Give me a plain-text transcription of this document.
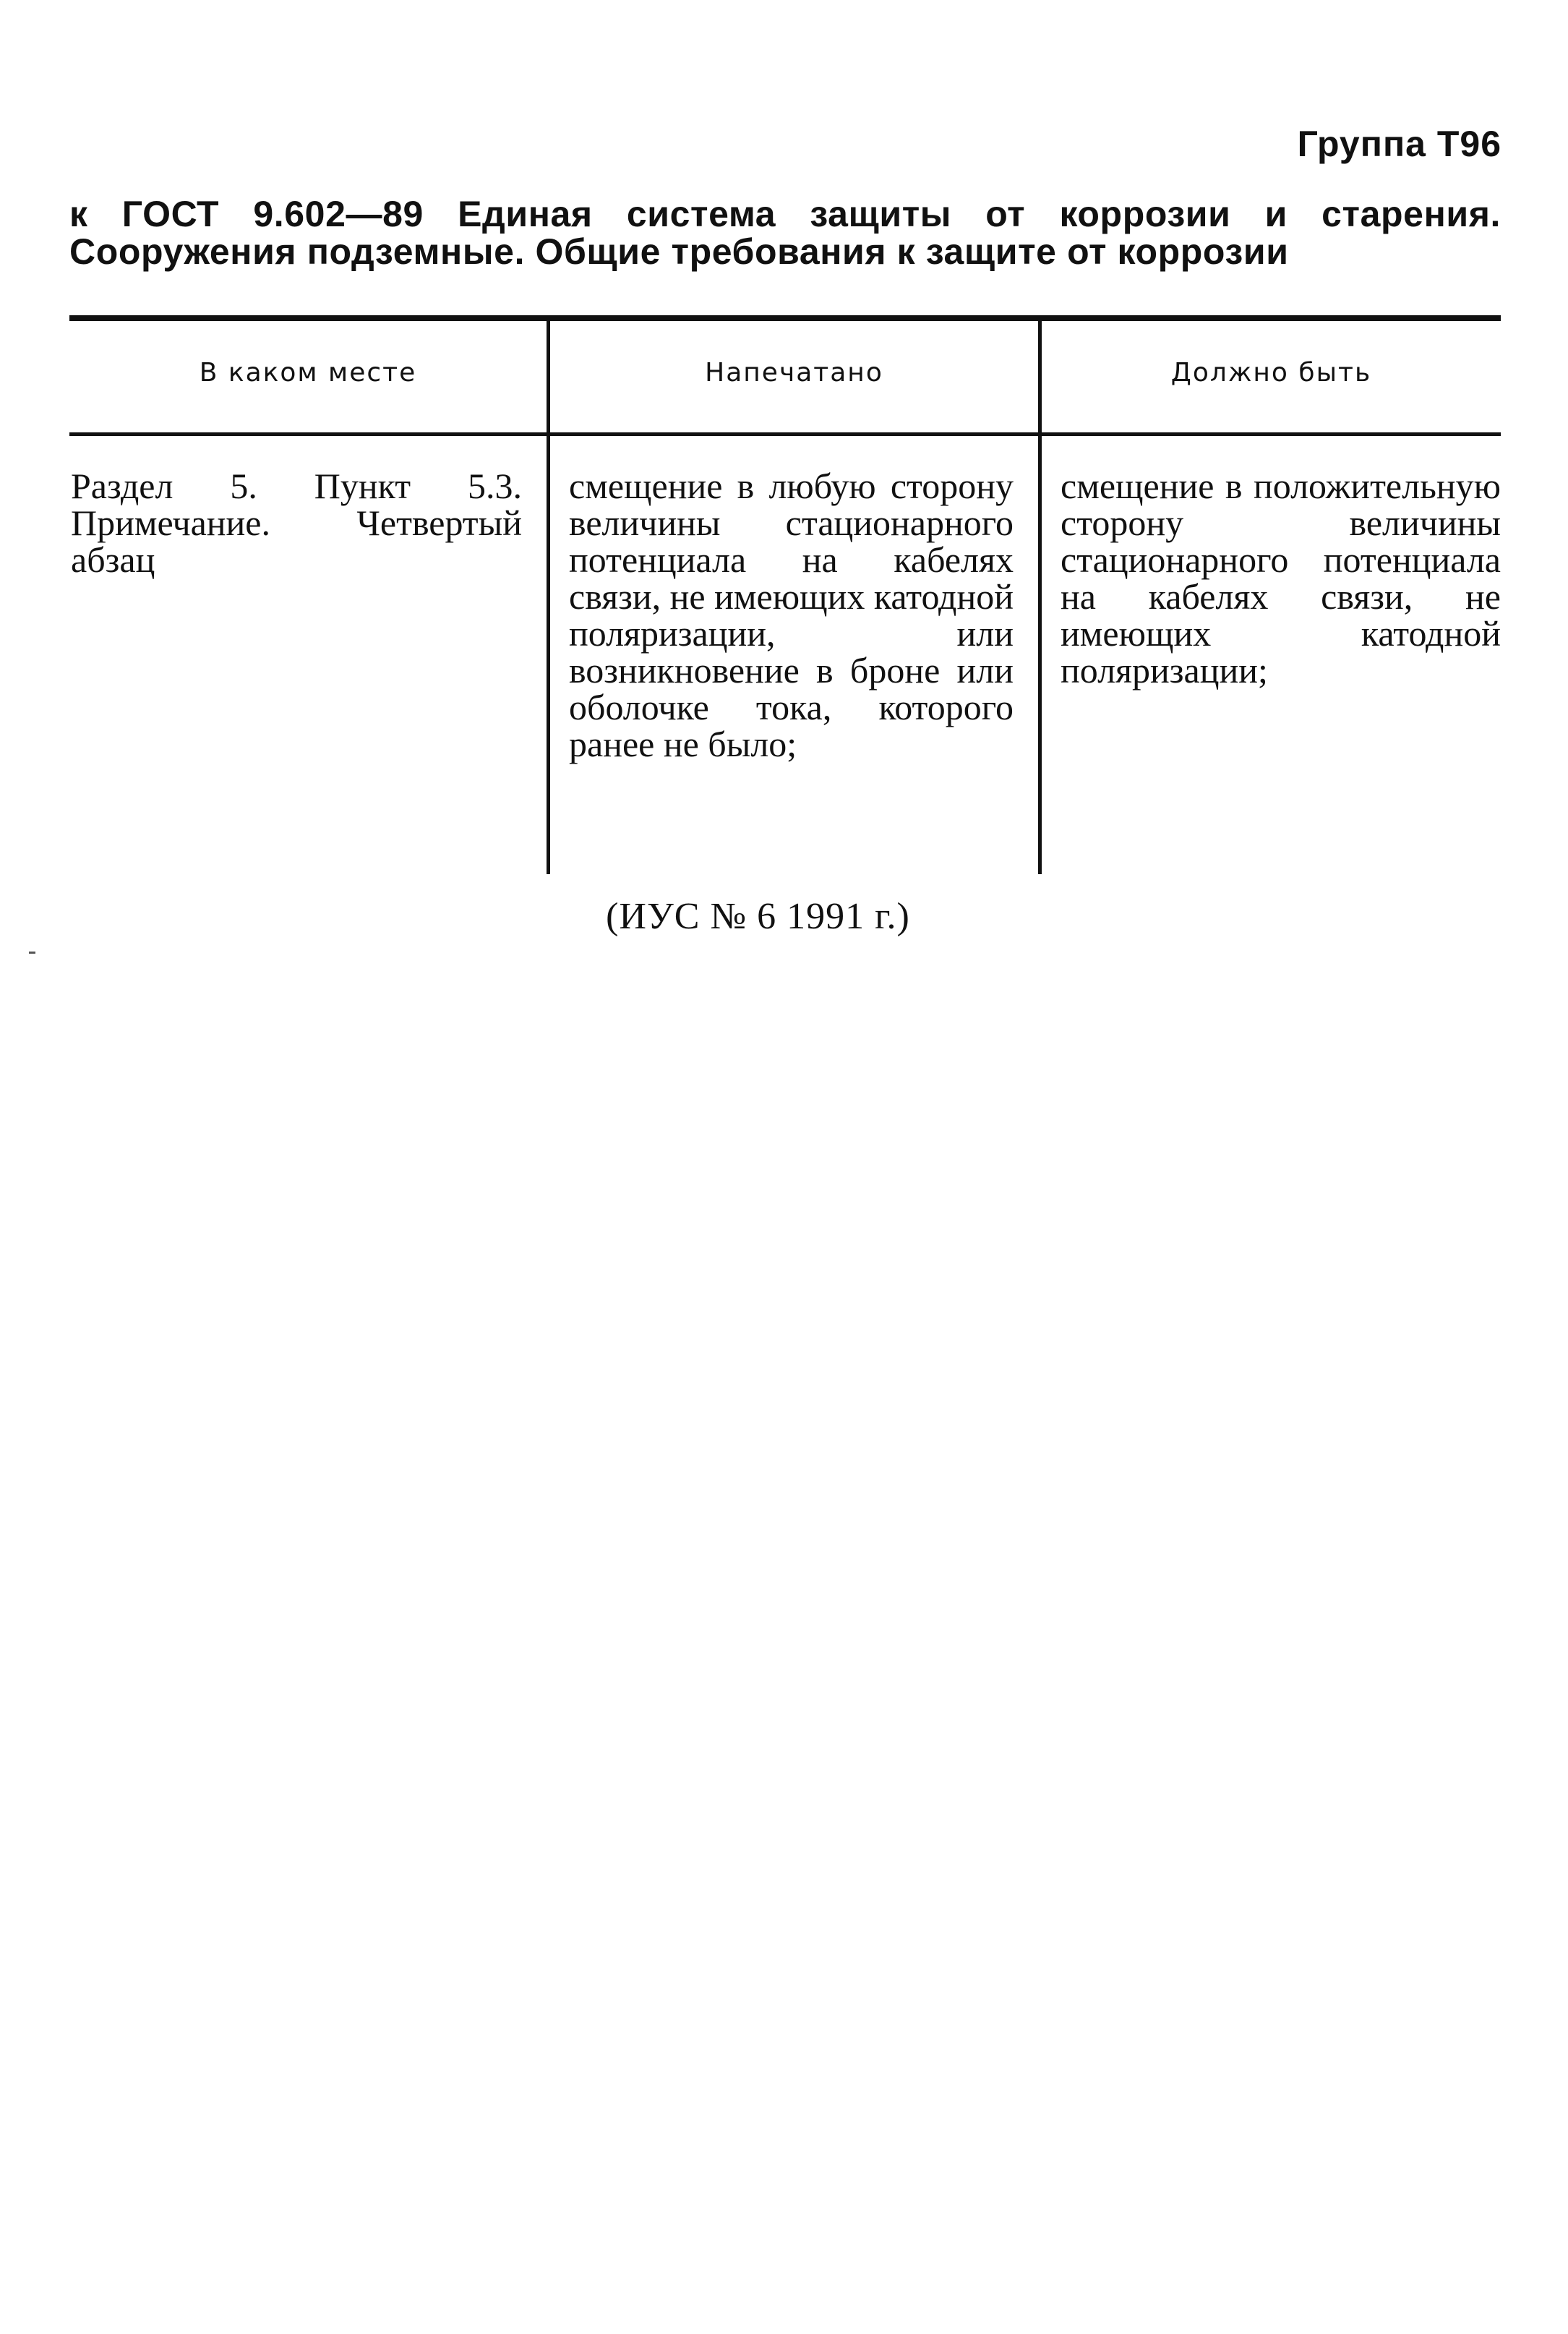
Группа Т96

к ГОСТ 9.602—89 Единая система защиты от коррозии и старения. Сооружения подземные. Общие требования к защите от коррозии

В каком месте	Напечатано	Должно быть
Раздел 5. Пункт 5.3. Примечание. Четвертый абзац
смещение в любую сторону величины стационарного потенциала на кабелях связи, не имеющих катодной поляризации, или возникновение в броне или оболочке тока, которого ранее не было;
смещение в положительную сторону величины стационарного потенциала на кабелях связи, не имеющих катодной поляризации;

(ИУС № 6 1991 г.)
